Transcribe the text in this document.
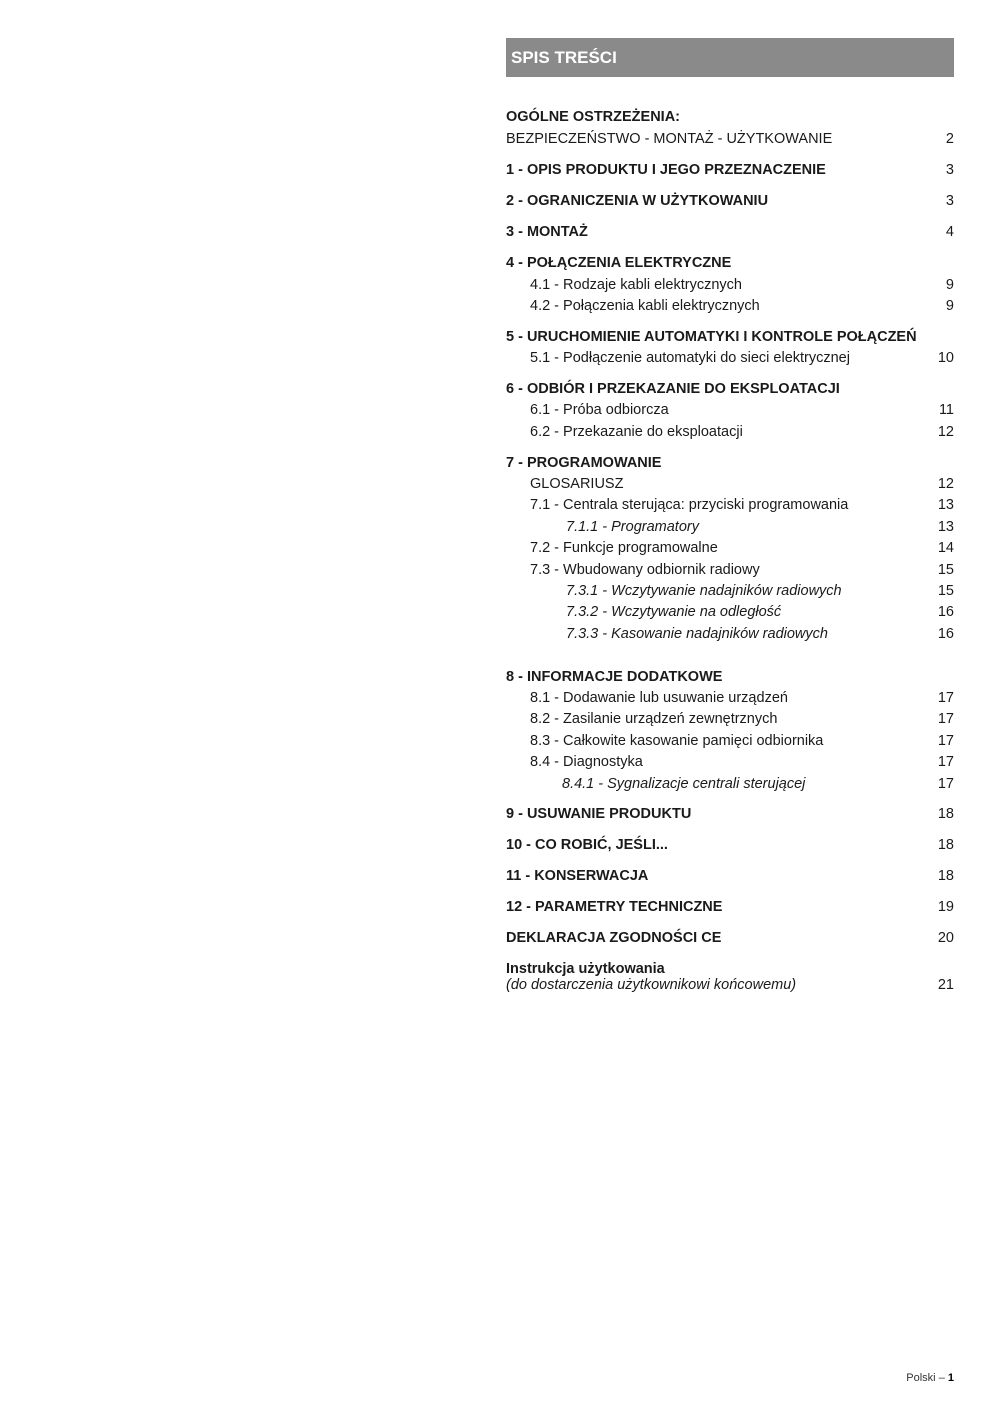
SPIS TREŚCI
OGÓLNE OSTRZEŻENIA:
BEZPIECZEŃSTWO - MONTAŻ - UŻYTKOWANIE	2
1 - OPIS PRODUKTU I JEGO PRZEZNACZENIE	3
2 - OGRANICZENIA W UŻYTKOWANIU	3
3 - MONTAŻ	4
4 - POŁĄCZENIA ELEKTRYCZNE
4.1 - Rodzaje kabli elektrycznych	9
4.2 - Połączenia kabli elektrycznych	9
5 - URUCHOMIENIE AUTOMATYKI I KONTROLE POŁĄCZEŃ
5.1 - Podłączenie automatyki do sieci elektrycznej	10
6 - ODBIÓR I PRZEKAZANIE DO EKSPLOATACJI
6.1 - Próba odbiorcza	11
6.2 - Przekazanie do eksploatacji	12
7 - PROGRAMOWANIE
GLOSARIUSZ	12
7.1 - Centrala sterująca: przyciski programowania	13
7.1.1 - Programatory	13
7.2 - Funkcje programowalne	14
7.3 - Wbudowany odbiornik radiowy	15
7.3.1 - Wczytywanie nadajników radiowych	15
7.3.2 - Wczytywanie na odległość	16
7.3.3 - Kasowanie nadajników radiowych	16
8 - INFORMACJE DODATKOWE
8.1 - Dodawanie lub usuwanie urządzeń	17
8.2 - Zasilanie urządzeń zewnętrznych	17
8.3 - Całkowite kasowanie pamięci odbiornika	17
8.4 - Diagnostyka	17
8.4.1 - Sygnalizacje centrali sterującej	17
9 - USUWANIE PRODUKTU	18
10 - CO ROBIĆ, JEŚLI...	18
11 - KONSERWACJA	18
12 - PARAMETRY TECHNICZNE	19
DEKLARACJA ZGODNOŚCI CE	20
Instrukcja użytkowania
(do dostarczenia użytkownikowi końcowemu)	21
Polski – 1
